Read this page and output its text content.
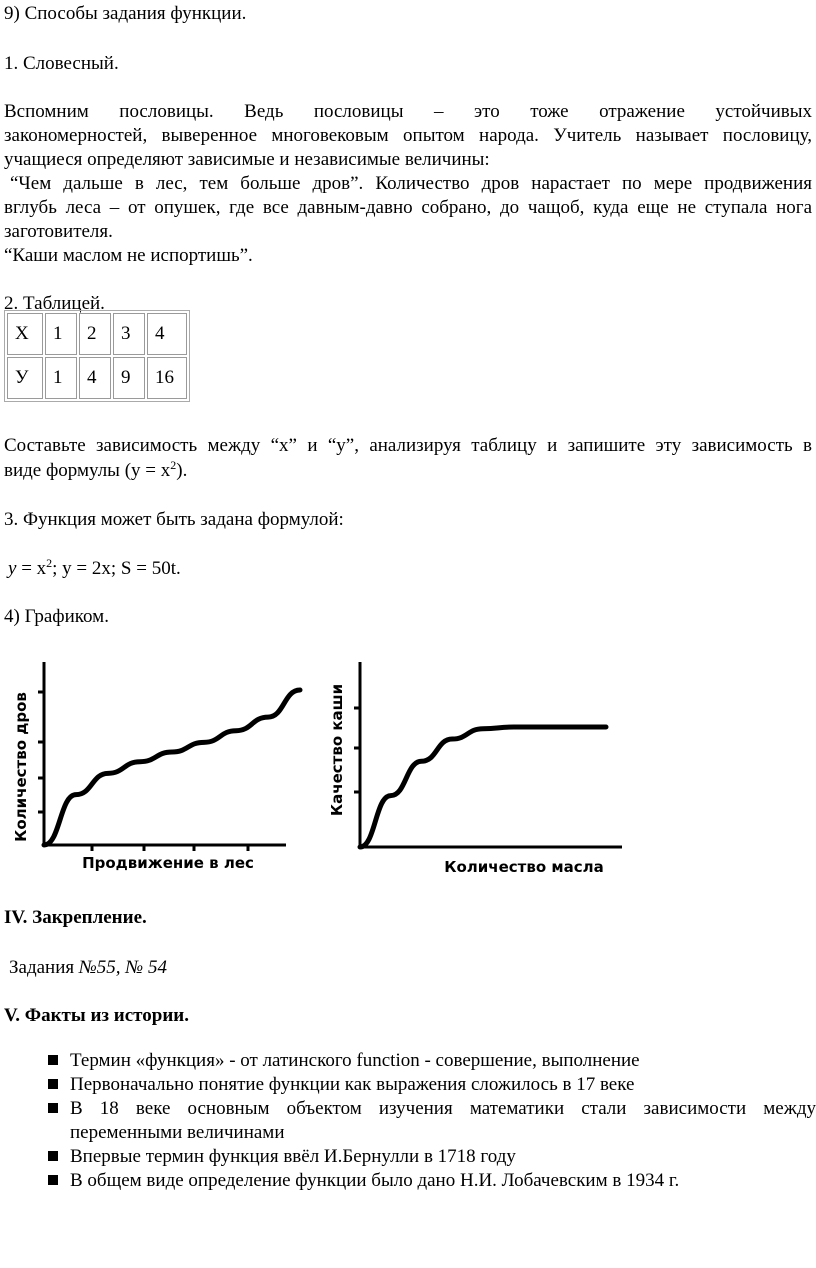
9) Способы задания функции.
1. Словесный.
Вспомним пословицы. Ведь пословицы – это тоже отражение устойчивых
закономерностей, выверенное многовековым опытом народа. Учитель называет пословицу,
учащиеся определяют зависимые и независимые величины:
“Чем дальше в лес, тем больше дров”. Количество дров нарастает по мере продвижения
вглубь леса – от опушек, где все давным-давно собрано, до чащоб, куда еще не ступала нога
заготовителя.
“Каши маслом не испортишь”.
2. Таблицей.
Х	1	2	3	4

У	1	4	9	16
Составьте зависимость между “х” и “у”, анализируя таблицу и запишите эту зависимость в
виде формулы $(у = х^2)$.
3. Функция может быть задана формулой:
$y = x^2$; y = 2x; S = 50t.
4) Графиком.
Продвижение в лес
Количество дров
Количество масла
Качество каши
IV. Закрепление.
Задания №55, № 54
V. Факты из истории.
Термин «функция» - от латинского function - совершение, выполнение
Первоначально понятие функции как выражения сложилось в 17 веке
В 18 веке основным объектом изучения математики стали зависимости между
переменными величинами
Впервые термин функция ввёл И.Бернулли в 1718 году
В общем виде определение функции было дано Н.И. Лобачевским в 1934 г.
